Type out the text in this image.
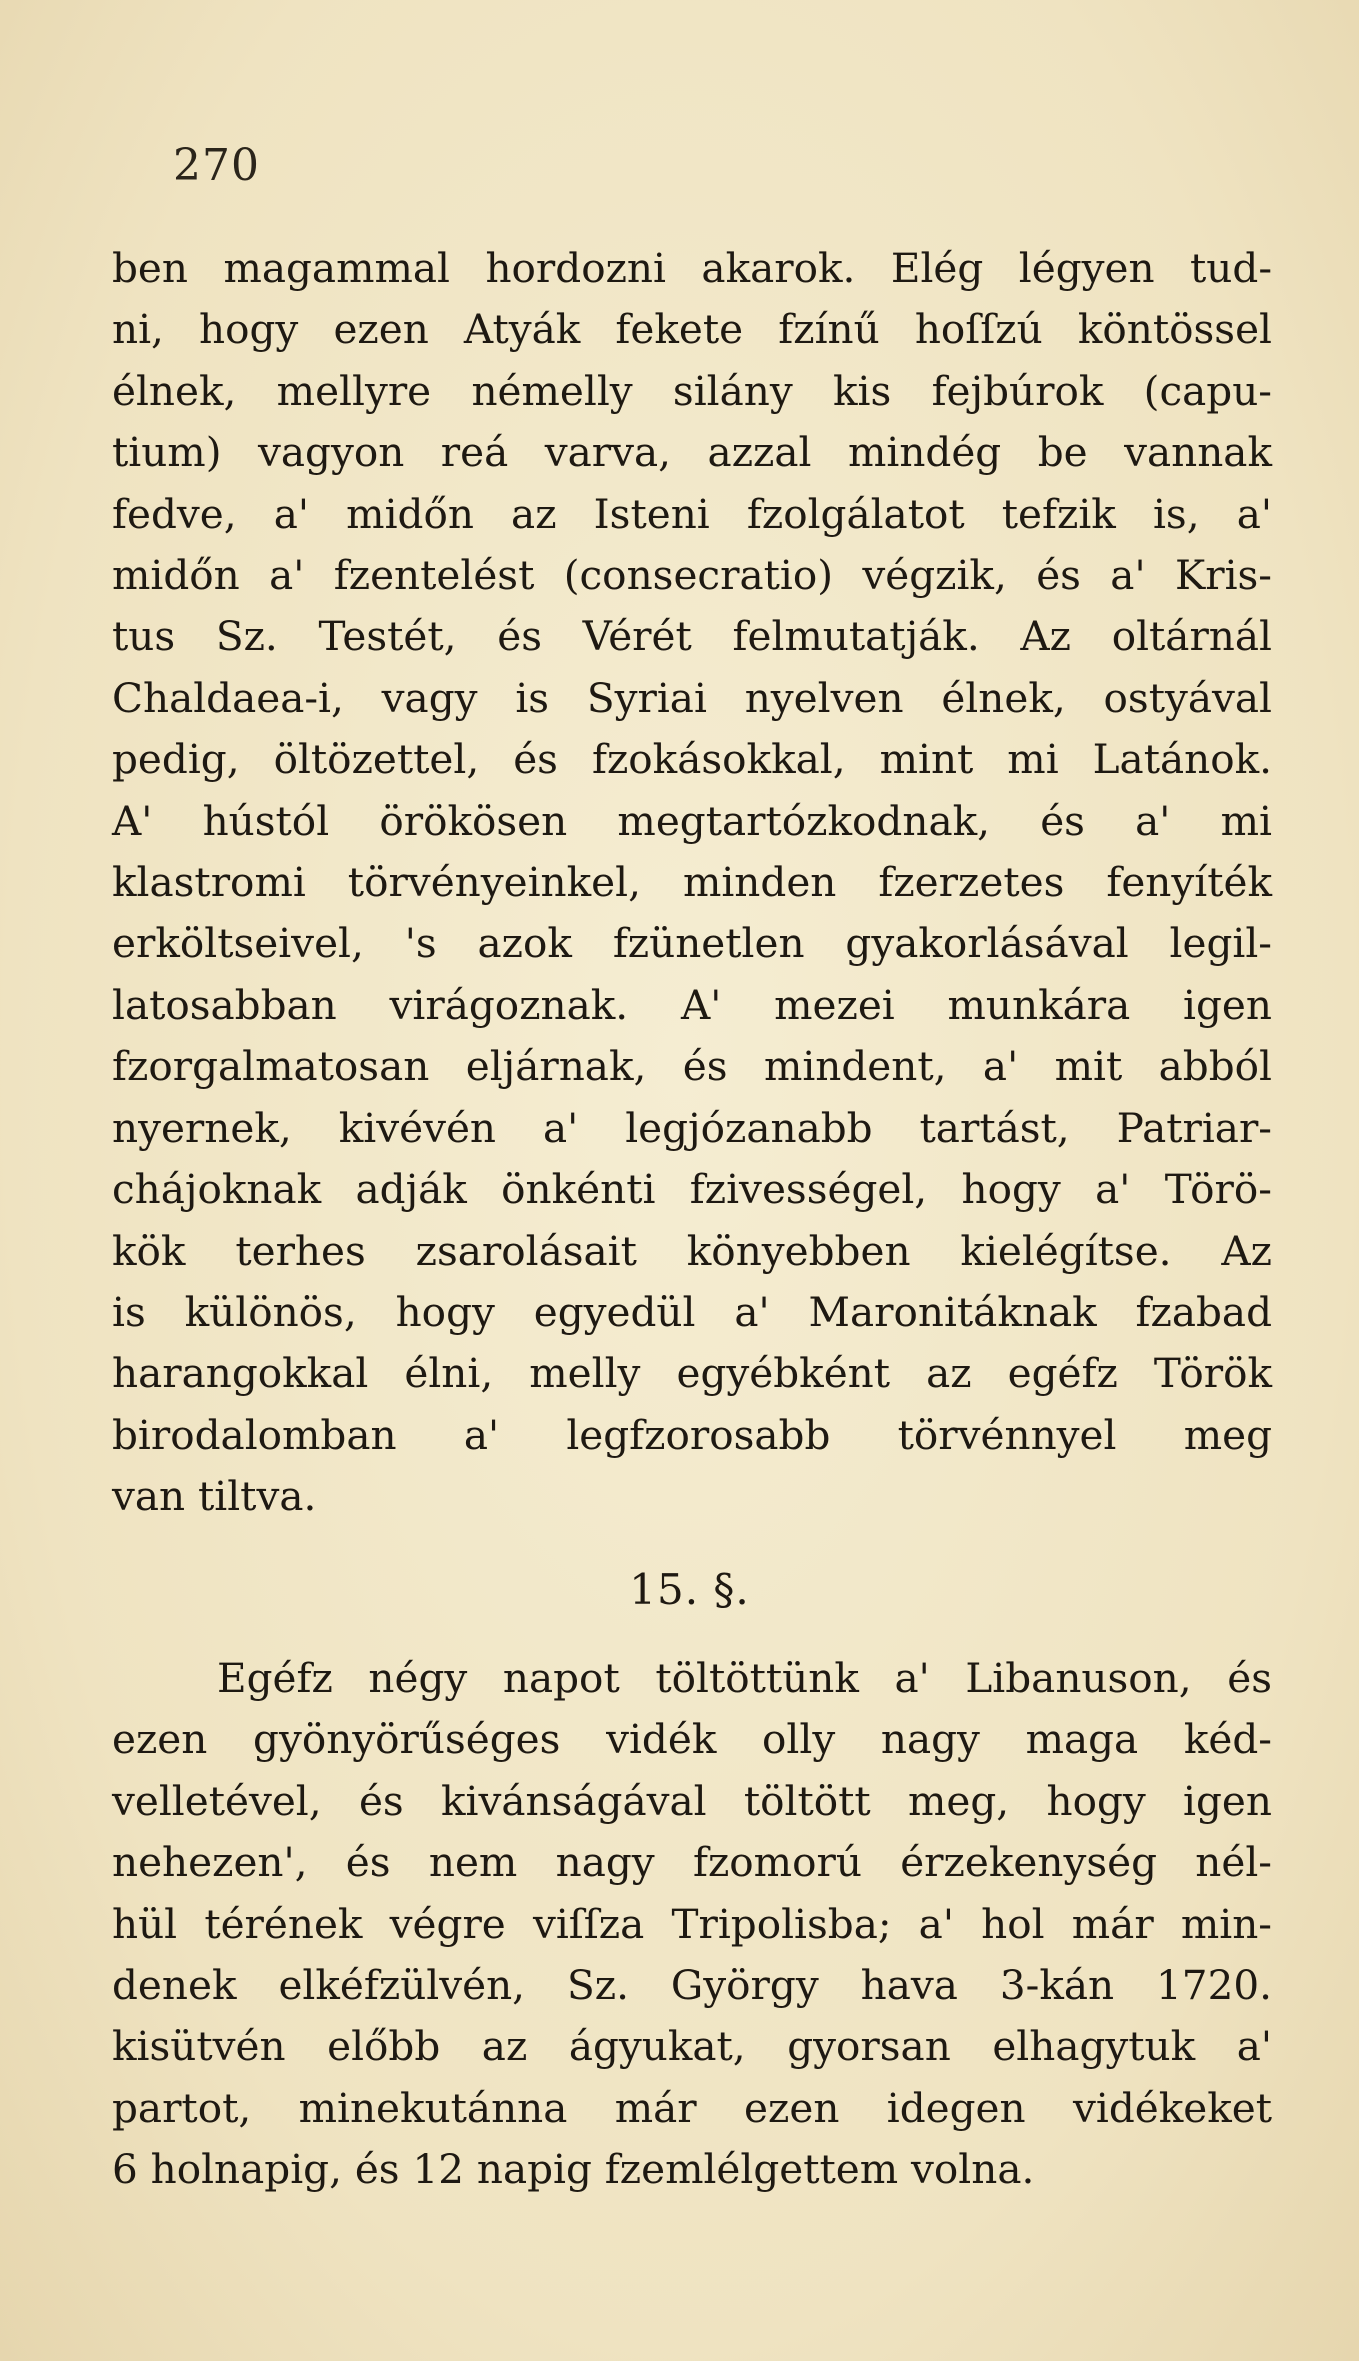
270
ben magammal hordozni akarok. Elég légyen tud-
ni, hogy ezen Atyák fekete fzínű hoſſzú köntössel
élnek, mellyre némelly silány kis fejbúrok (capu-
tium) vagyon reá varva, azzal mindég be vannak
fedve, a' midőn az Isteni fzolgálatot tefzik is, a'
midőn a' fzentelést (consecratio) végzik, és a' Kris-
tus Sz. Testét, és Vérét felmutatják. Az oltárnál
Chaldaea-i, vagy is Syriai nyelven élnek, ostyával
pedig, öltözettel, és fzokásokkal, mint mi Latánok.
A' hústól örökösen megtartózkodnak, és a' mi
klastromi törvényeinkel, minden fzerzetes fenyíték
erköltseivel, 's azok fzünetlen gyakorlásával legil-
latosabban virágoznak. A' mezei munkára igen
fzorgalmatosan eljárnak, és mindent, a' mit abból
nyernek, kivévén a' legjózanabb tartást, Patriar-
chájoknak adják önkénti fzivességel, hogy a' Törö-
kök terhes zsarolásait könyebben kielégítse. Az
is különös, hogy egyedül a' Maronitáknak fzabad
harangokkal élni, melly egyébként az egéfz Török
birodalomban a' legfzorosabb törvénnyel meg
van tiltva.
15. §.
Egéfz négy napot töltöttünk a' Libanuson, és
ezen gyönyörűséges vidék olly nagy maga kéd-
velletével, és kivánságával töltött meg, hogy igen
nehezen', és nem nagy fzomorú érzekenység nél-
hül térének végre viſſza Tripolisba; a' hol már min-
denek elkéfzülvén, Sz. György hava 3-kán 1720.
kisütvén előbb az ágyukat, gyorsan elhagytuk a'
partot, minekutánna már ezen idegen vidékeket
6 holnapig, és 12 napig fzemlélgettem volna.
